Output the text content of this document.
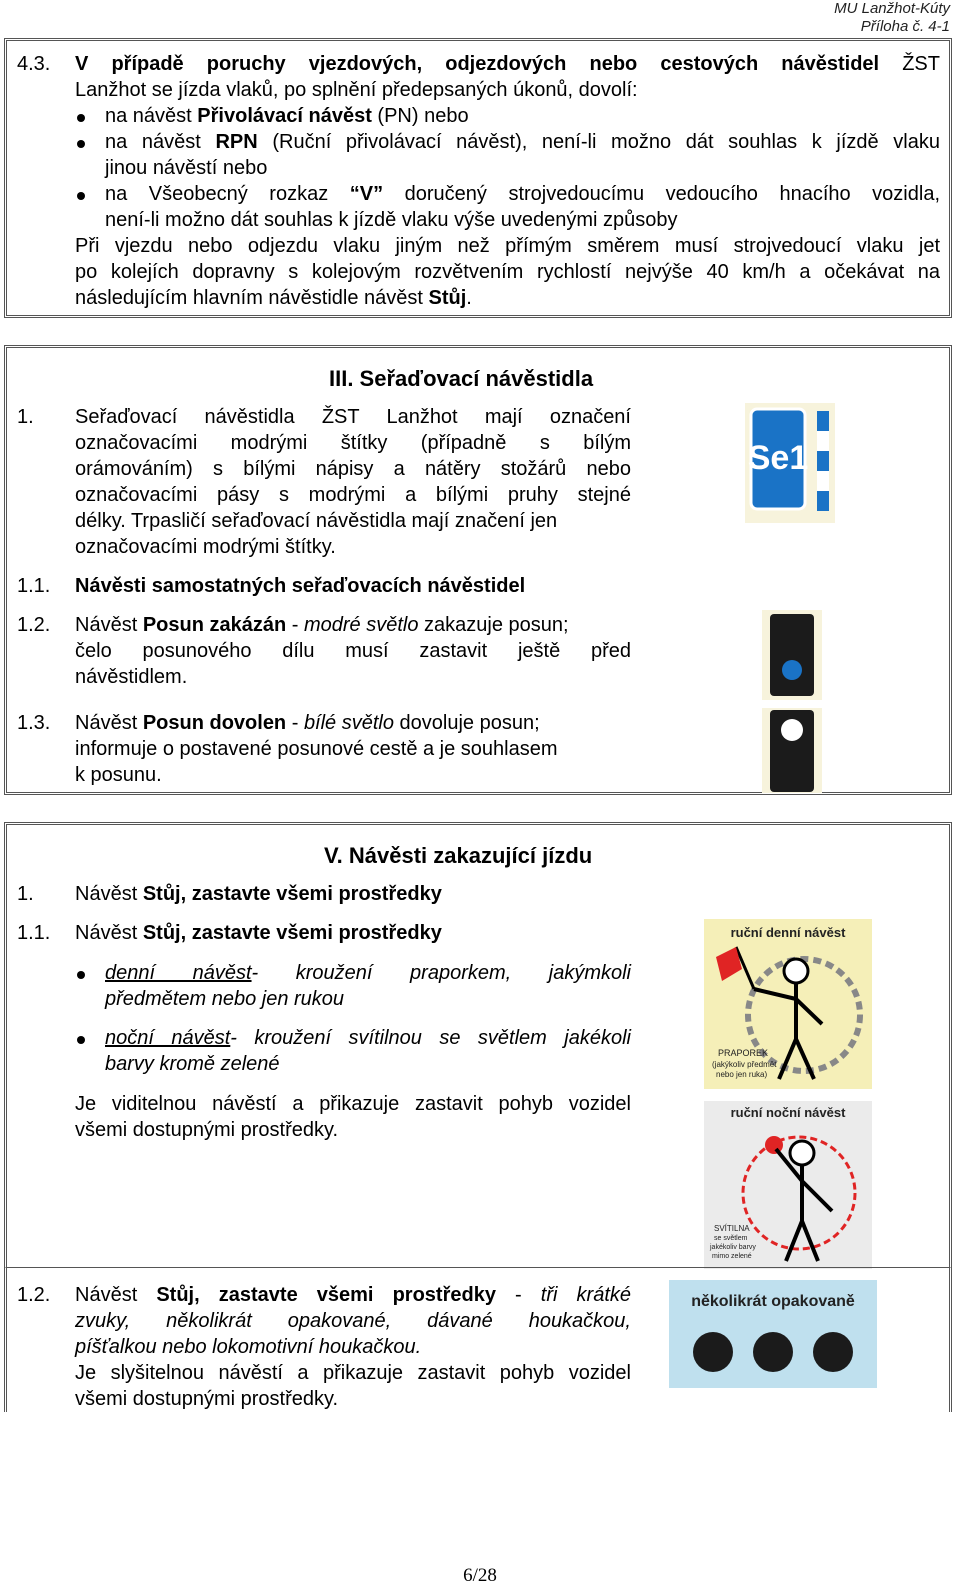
MU Lanžhot-Kúty
Příloha č. 4-1
4.3. V případě poruchy vjezdových, odjezdových nebo cestových návěstidel ŽST
Lanžhot se jízda vlaků, po splnění předepsaných úkonů, dovolí:
na návěst Přivolávací návěst (PN) nebo
na návěst RPN (Ruční přivolávací návěst), není-li možno dát souhlas k jízdě vlaku
jinou návěstí nebo
na Všeobecný rozkaz “V” doručený strojvedoucímu vedoucího hnacího vozidla,
není-li možno dát souhlas k jízdě vlaku výše uvedenými způsoby
Při vjezdu nebo odjezdu vlaku jiným než přímým směrem musí strojvedoucí vlaku jet
po kolejích dopravny s kolejovým rozvětvením rychlostí nejvýše 40 km/h a očekávat na
následujícím hlavním návěstidle návěst Stůj.
III. Seřaďovací návěstidla
1. Seřaďovací návěstidla ŽST Lanžhot mají označení
označovacími modrými štítky (případně s bílým
orámováním) s bílými nápisy a nátěry stožárů nebo
označovacími pásy s modrými a bílými pruhy stejné
délky. Trpasličí seřaďovací návěstidla mají značení jen
označovacími modrými štítky.
1.1. Návěsti samostatných seřaďovacích návěstidel
1.2. Návěst Posun zakázán - modré světlo zakazuje posun;
čelo posunového dílu musí zastavit ještě před
návěstidlem.
1.3. Návěst Posun dovolen - bílé světlo dovoluje posun;
informuje o postavené posunové cestě a je souhlasem
k posunu.
Se1
V. Návěsti zakazující jízdu
1. Návěst Stůj, zastavte všemi prostředky
1.1. Návěst Stůj, zastavte všemi prostředky
denní návěst- kroužení praporkem, jakýmkoli
předmětem nebo jen rukou
noční návěst- kroužení svítilnou se světlem jakékoli
barvy kromě zelené
Je viditelnou návěstí a přikazuje zastavit pohyb vozidel
všemi dostupnými prostředky.
ruční denní návěst
PRAPOREK
(jakýkoliv předmět
nebo jen ruka)
ruční noční návěst
SVÍTILNA
se světlem
jakékoliv barvy
mimo zelené
1.2. Návěst Stůj, zastavte všemi prostředky - tři krátké
zvuky, několikrát opakované, dávané houkačkou,
píšťalkou nebo lokomotivní houkačkou.
Je slyšitelnou návěstí a přikazuje zastavit pohyb vozidel
všemi dostupnými prostředky.
několikrát opakovaně
6/28
